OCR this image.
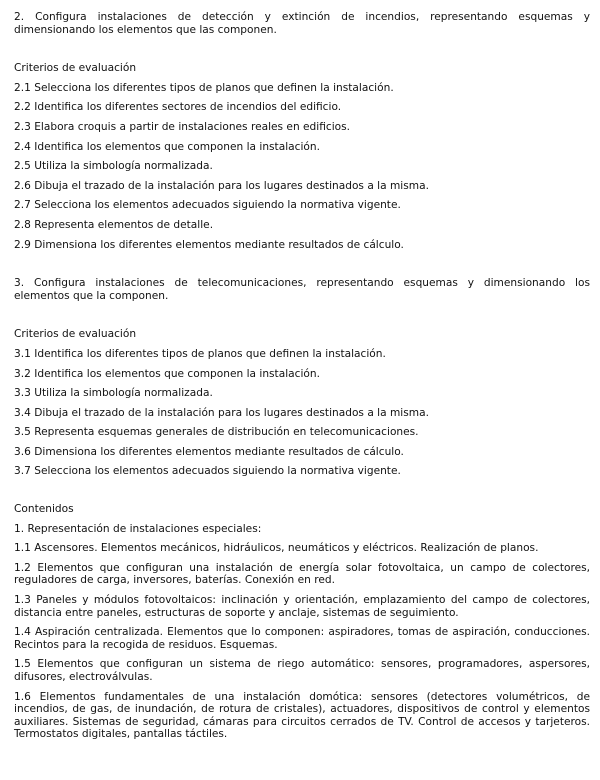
2. Configura instalaciones de detección y extinción de incendios, representando esquemas y dimensionando los elementos que las componen.

Criterios de evaluación

2.1 Selecciona los diferentes tipos de planos que definen la instalación.

2.2 Identifica los diferentes sectores de incendios del edificio.

2.3 Elabora croquis a partir de instalaciones reales en edificios.

2.4 Identifica los elementos que componen la instalación.

2.5 Utiliza la simbología normalizada.

2.6 Dibuja el trazado de la instalación para los lugares destinados a la misma.

2.7 Selecciona los elementos adecuados siguiendo la normativa vigente.

2.8 Representa elementos de detalle.

2.9 Dimensiona los diferentes elementos mediante resultados de cálculo.

3. Configura instalaciones de telecomunicaciones, representando esquemas y dimensionando los elementos que la componen.

Criterios de evaluación

3.1 Identifica los diferentes tipos de planos que definen la instalación.

3.2 Identifica los elementos que componen la instalación.

3.3 Utiliza la simbología normalizada.

3.4 Dibuja el trazado de la instalación para los lugares destinados a la misma.

3.5 Representa esquemas generales de distribución en telecomunicaciones.

3.6 Dimensiona los diferentes elementos mediante resultados de cálculo.

3.7 Selecciona los elementos adecuados siguiendo la normativa vigente.

Contenidos

1. Representación de instalaciones especiales:

1.1 Ascensores. Elementos mecánicos, hidráulicos, neumáticos y eléctricos. Realización de planos.

1.2 Elementos que configuran una instalación de energía solar fotovoltaica, un campo de colectores, reguladores de carga, inversores, baterías. Conexión en red.

1.3 Paneles y módulos fotovoltaicos: inclinación y orientación, emplazamiento del campo de colectores, distancia entre paneles, estructuras de soporte y anclaje, sistemas de seguimiento.

1.4 Aspiración centralizada. Elementos que lo componen: aspiradores, tomas de aspiración, conducciones. Recintos para la recogida de residuos. Esquemas.

1.5 Elementos que configuran un sistema de riego automático: sensores, programadores, aspersores, difusores, electroválvulas.

1.6 Elementos fundamentales de una instalación domótica: sensores (detectores volumétricos, de incendios, de gas, de inundación, de rotura de cristales), actuadores, dispositivos de control y elementos auxiliares. Sistemas de seguridad, cámaras para circuitos cerrados de TV. Control de accesos y tarjeteros. Termostatos digitales, pantallas táctiles.
